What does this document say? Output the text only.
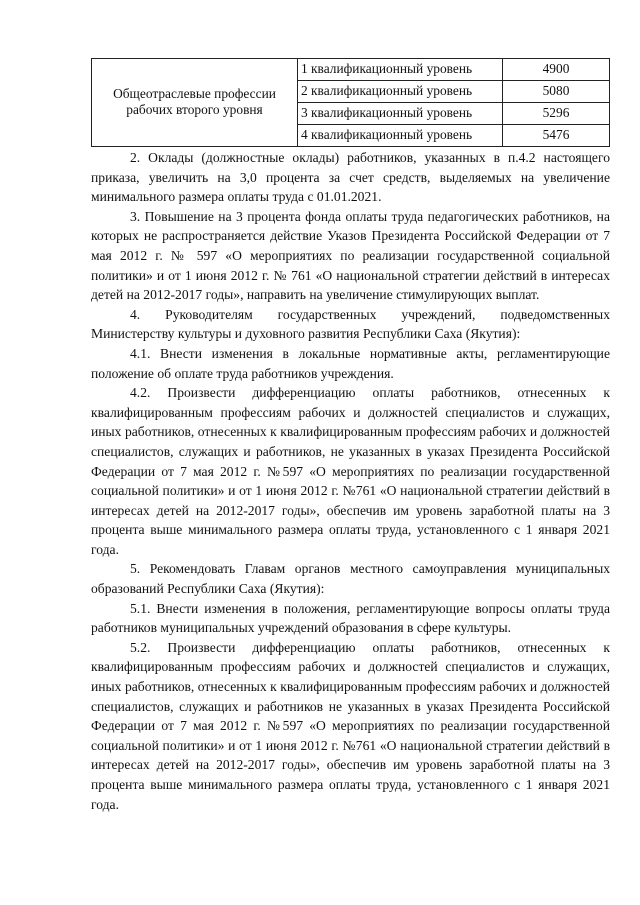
Общеотраслевые профессии
рабочих второго уровня	1 квалификационный уровень	4900
	2 квалификационный уровень	5080
	3 квалификационный уровень	5296
	4 квалификационный уровень	5476

2. Оклады (должностные оклады) работников, указанных в п.4.2 настоящего приказа, увеличить на 3,0 процента за счет средств, выделяемых на увеличение минимального размера оплаты труда с 01.01.2021.

3. Повышение на 3 процента фонда оплаты труда педагогических работников, на которых не распространяется действие Указов Президента Российской Федерации от 7 мая 2012 г. № 597 «О мероприятиях по реализации государственной социальной политики» и от 1 июня 2012 г. № 761 «О национальной стратегии действий в интересах детей на 2012-2017 годы», направить на увеличение стимулирующих выплат.

4. Руководителям государственных учреждений, подведомственных Министерству культуры и духовного развития Республики Саха (Якутия):

4.1. Внести изменения в локальные нормативные акты, регламентирующие положение об оплате труда работников учреждения.

4.2. Произвести дифференциацию оплаты работников, отнесенных к квалифицированным профессиям рабочих и должностей специалистов и служащих, иных работников, отнесенных к квалифицированным профессиям рабочих и должностей специалистов, служащих и работников, не указанных в указах Президента Российской Федерации от 7 мая 2012 г. №597 «О мероприятиях по реализации государственной социальной политики» и от 1 июня 2012 г. №761 «О национальной стратегии действий в интересах детей на 2012-2017 годы», обеспечив им уровень заработной платы на 3 процента выше минимального размера оплаты труда, установленного с 1 января 2021 года.

5. Рекомендовать Главам органов местного самоуправления муниципальных образований Республики Саха (Якутия):

5.1. Внести изменения в положения, регламентирующие вопросы оплаты труда работников муниципальных учреждений образования в сфере культуры.

5.2. Произвести дифференциацию оплаты работников, отнесенных к квалифицированным профессиям рабочих и должностей специалистов и служащих, иных работников, отнесенных к квалифицированным профессиям рабочих и должностей специалистов, служащих и работников не указанных в указах Президента Российской Федерации от 7 мая 2012 г. №597 «О мероприятиях по реализации государственной социальной политики» и от 1 июня 2012 г. №761 «О национальной стратегии действий в интересах детей на 2012-2017 годы», обеспечив им уровень заработной платы на 3 процента выше минимального размера оплаты труда, установленного с 1 января 2021 года.
